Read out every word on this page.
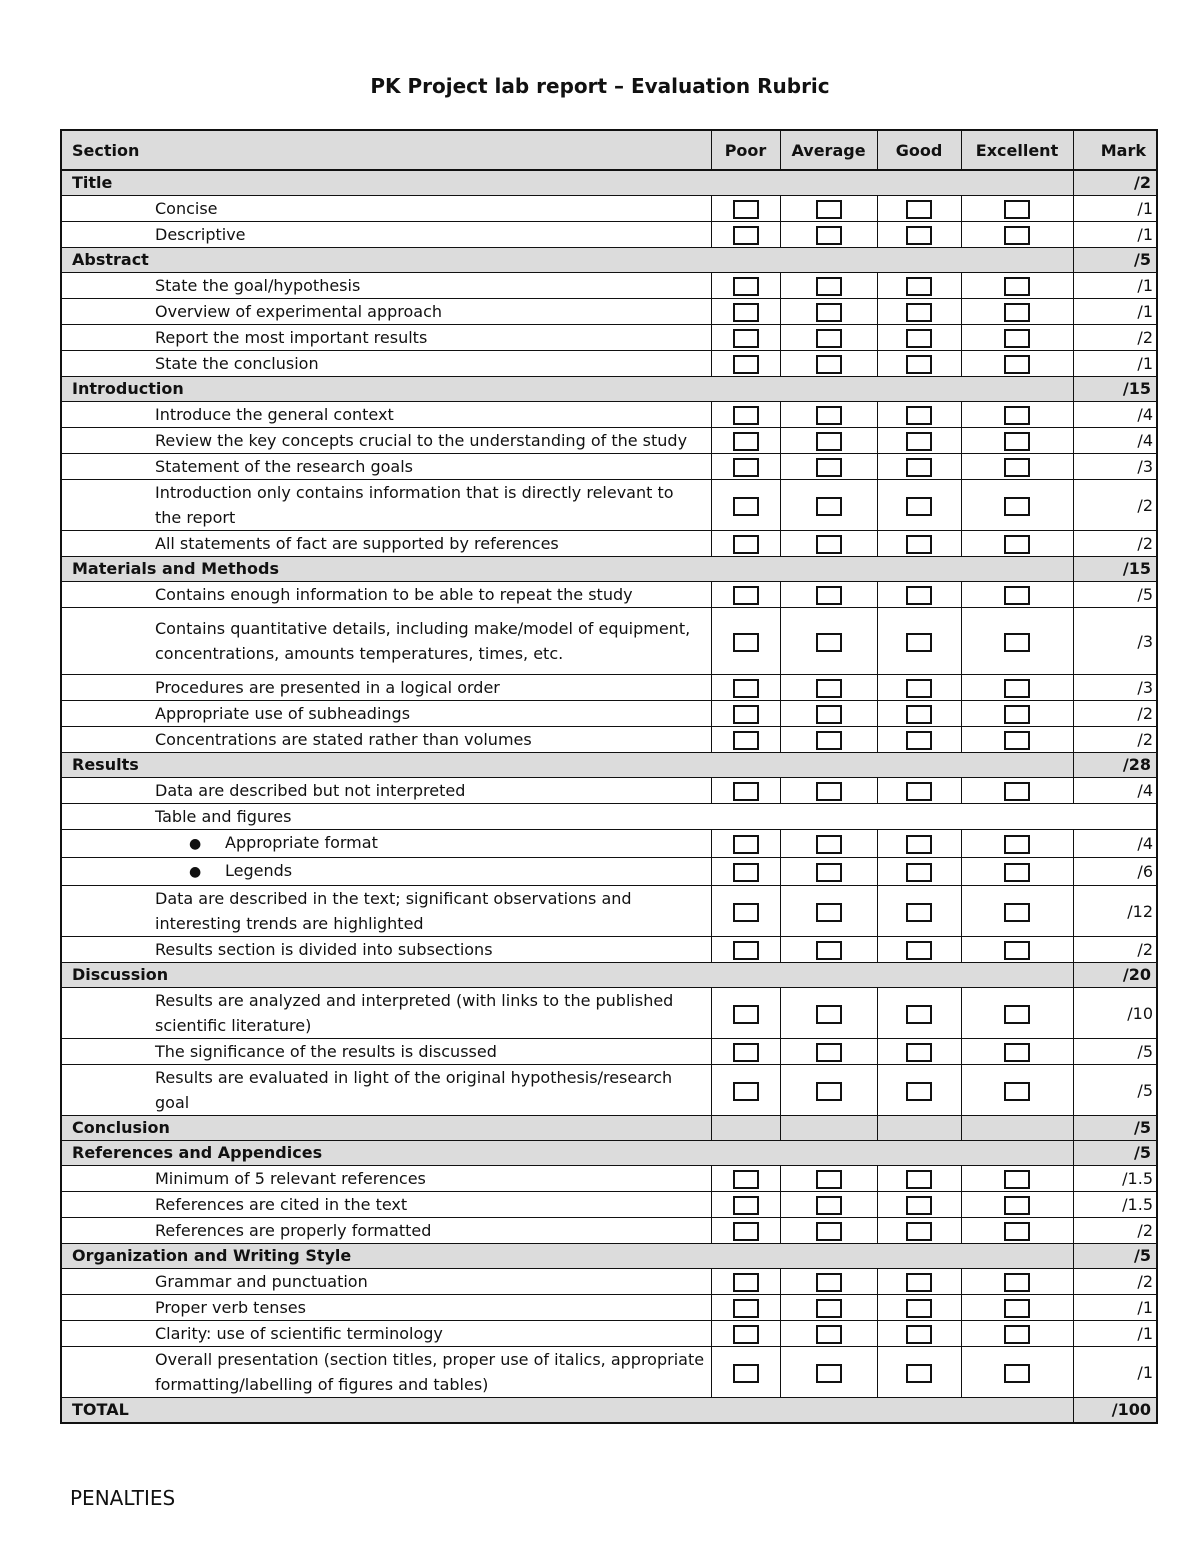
PK Project lab report – Evaluation Rubric
Section	Poor	Average	Good	Excellent	Mark
Title					/2
Concise					/1
Descriptive					/1
Abstract					/5
State the goal/hypothesis					/1
Overview of experimental approach					/1
Report the most important results					/2
State the conclusion					/1
Introduction					/15
Introduce the general context					/4
Review the key concepts crucial to the understanding of the study					/4
Statement of the research goals					/3
Introduction only contains information that is directly relevant to the report					/2
All statements of fact are supported by references					/2
Materials and Methods					/15
Contains enough information to be able to repeat the study					/5
Contains quantitative details, including make/model of equipment, concentrations, amounts temperatures, times, etc.					/3
Procedures are presented in a logical order					/3
Appropriate use of subheadings					/2
Concentrations are stated rather than volumes					/2
Results					/28
Data are described but not interpreted					/4
Table and figures					
● Appropriate format					/4
● Legends					/6
Data are described in the text; significant observations and interesting trends are highlighted					/12
Results section is divided into subsections					/2
Discussion					/20
Results are analyzed and interpreted (with links to the published scientific literature)					/10
The significance of the results is discussed					/5
Results are evaluated in light of the original hypothesis/research goal					/5
Conclusion					/5
References and Appendices					/5
Minimum of 5 relevant references					/1.5
References are cited in the text					/1.5
References are properly formatted					/2
Organization and Writing Style					/5
Grammar and punctuation					/2
Proper verb tenses					/1
Clarity: use of scientific terminology					/1
Overall presentation (section titles, proper use of italics, appropriate formatting/labelling of figures and tables)					/1
TOTAL					/100
PENALTIES
